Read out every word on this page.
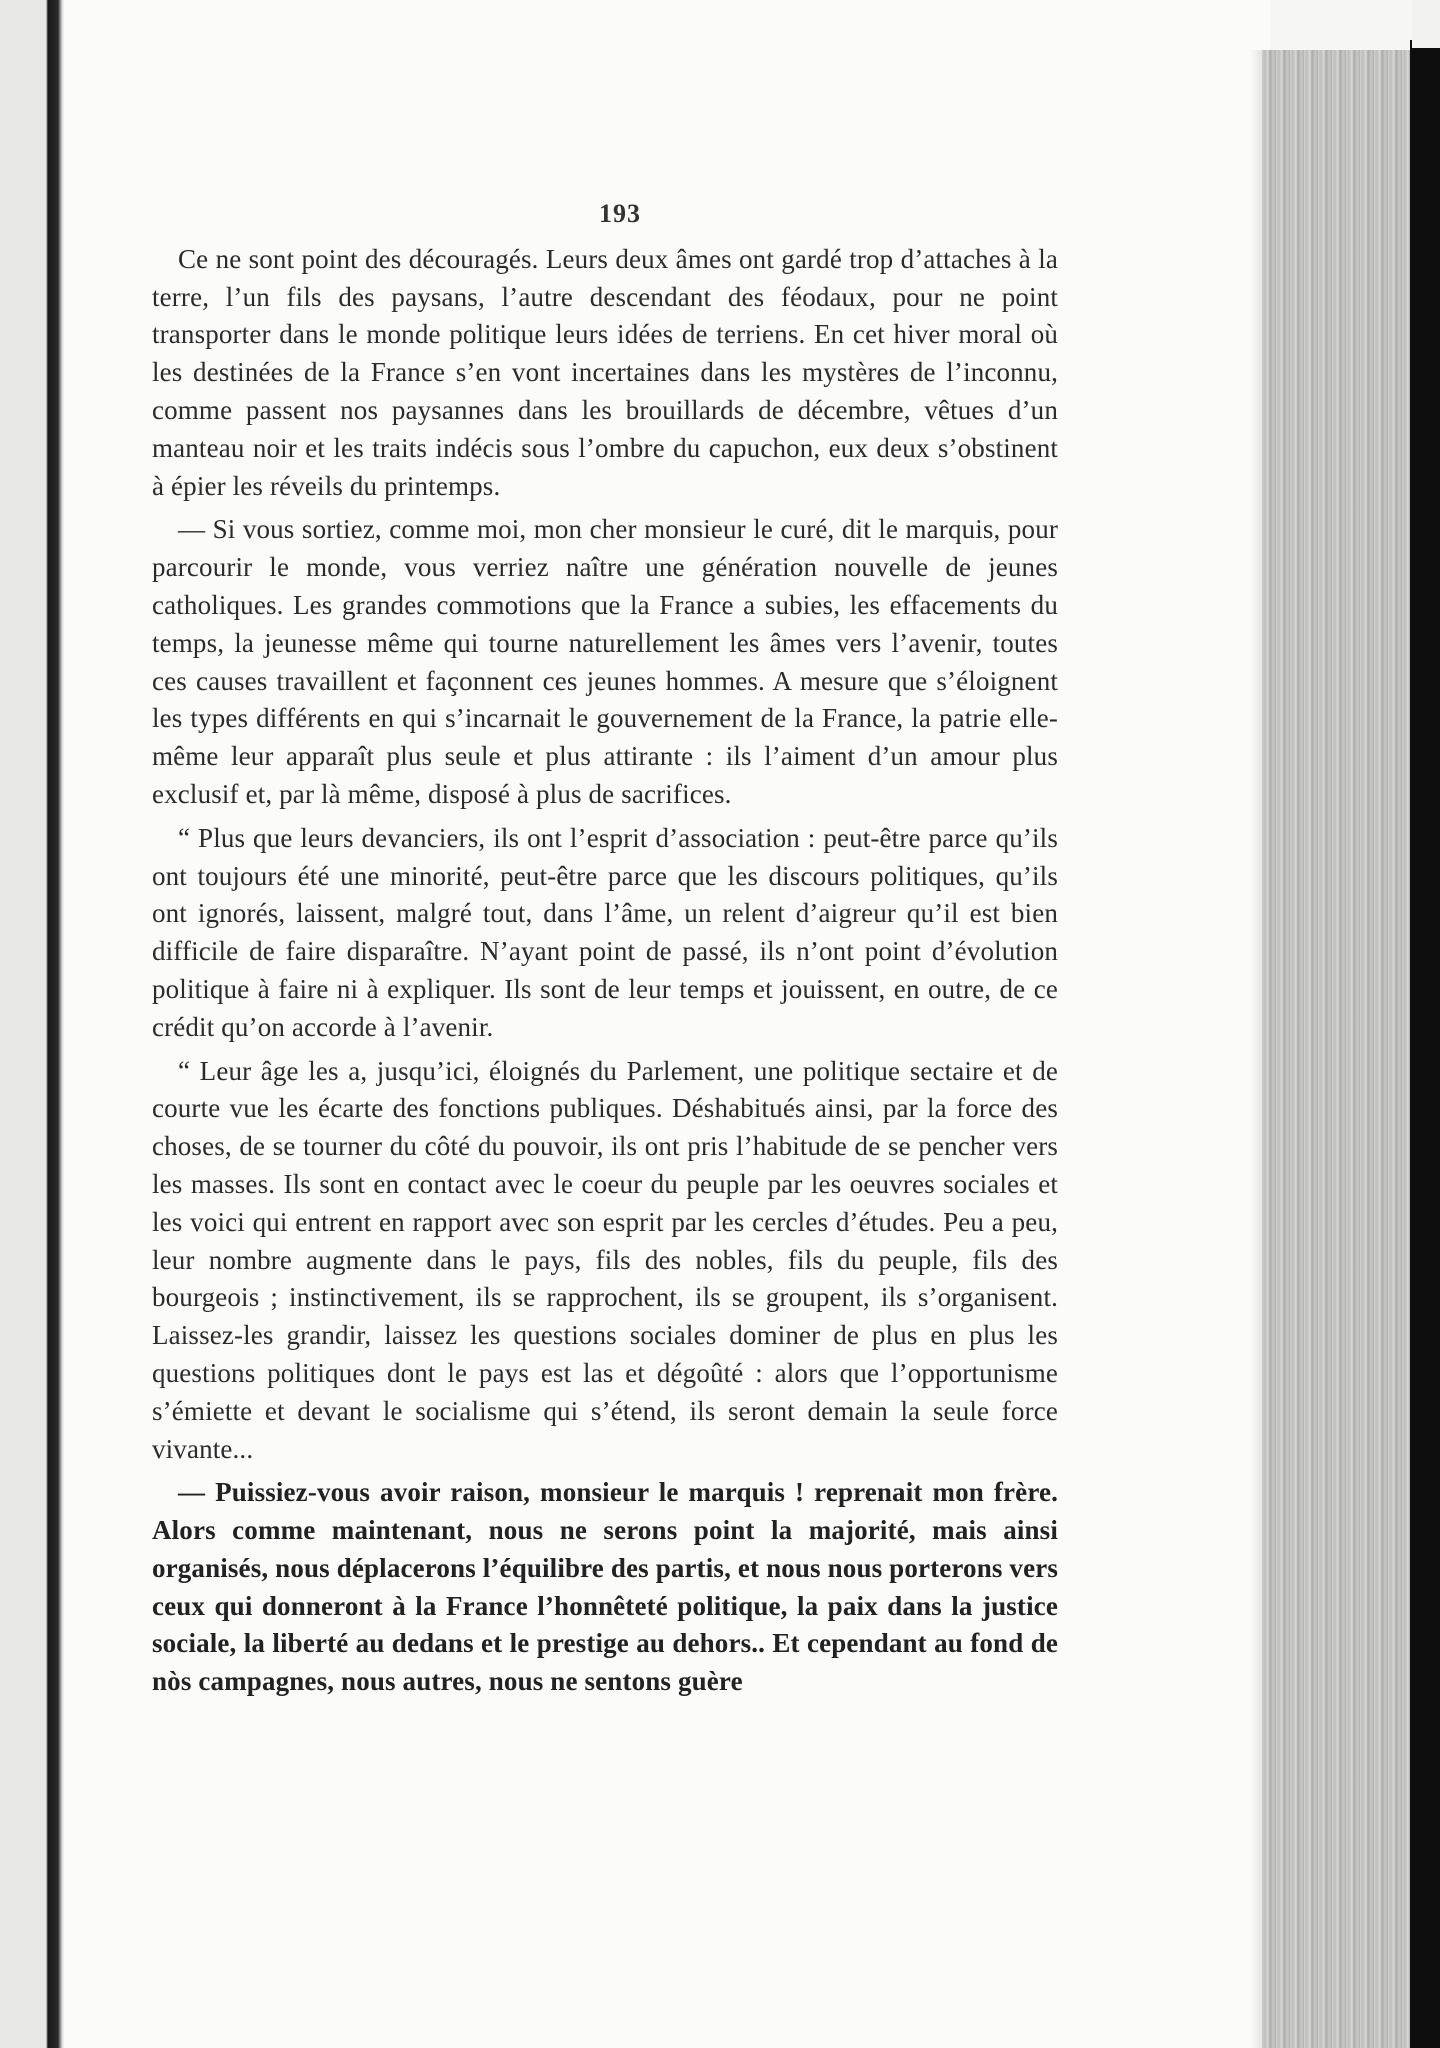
193

Ce ne sont point des découragés. Leurs deux âmes ont gardé trop d’attaches à la terre, l’un fils des paysans, l’autre descendant des féodaux, pour ne point transporter dans le monde politique leurs idées de terriens. En cet hiver moral où les destinées de la France s’en vont incertaines dans les mystères de l’inconnu, comme passent nos paysannes dans les brouillards de décembre, vêtues d’un manteau noir et les traits indécis sous l’ombre du capuchon, eux deux s’obstinent à épier les réveils du printemps.

— Si vous sortiez, comme moi, mon cher monsieur le curé, dit le marquis, pour parcourir le monde, vous verriez naître une génération nouvelle de jeunes catholiques. Les grandes commotions que la France a subies, les effacements du temps, la jeunesse même qui tourne naturellement les âmes vers l’avenir, toutes ces causes travaillent et façonnent ces jeunes hommes. A mesure que s’éloignent les types différents en qui s’incarnait le gouvernement de la France, la patrie elle-même leur apparaît plus seule et plus attirante : ils l’aiment d’un amour plus exclusif et, par là même, disposé à plus de sacrifices.

“ Plus que leurs devanciers, ils ont l’esprit d’association : peut-être parce qu’ils ont toujours été une minorité, peut-être parce que les discours politiques, qu’ils ont ignorés, laissent, malgré tout, dans l’âme, un relent d’aigreur qu’il est bien difficile de faire disparaître. N’ayant point de passé, ils n’ont point d’évolution politique à faire ni à expliquer. Ils sont de leur temps et jouissent, en outre, de ce crédit qu’on accorde à l’avenir.

“ Leur âge les a, jusqu’ici, éloignés du Parlement, une politique sectaire et de courte vue les écarte des fonctions publiques. Déshabitués ainsi, par la force des choses, de se tourner du côté du pouvoir, ils ont pris l’habitude de se pencher vers les masses. Ils sont en contact avec le coeur du peuple par les oeuvres sociales et les voici qui entrent en rapport avec son esprit par les cercles d’études. Peu a peu, leur nombre augmente dans le pays, fils des nobles, fils du peuple, fils des bourgeois ; instinctivement, ils se rapprochent, ils se groupent, ils s’organisent. Laissez-les grandir, laissez les questions sociales dominer de plus en plus les questions politiques dont le pays est las et dégoûté : alors que l’opportunisme s’émiette et devant le socialisme qui s’étend, ils seront demain la seule force vivante...

— Puissiez-vous avoir raison, monsieur le marquis ! reprenait mon frère. Alors comme maintenant, nous ne serons point la majorité, mais ainsi organisés, nous déplacerons l’équilibre des partis, et nous nous porterons vers ceux qui donneront à la France l’honnêteté politique, la paix dans la justice sociale, la liberté au dedans et le prestige au dehors.. Et cependant au fond de nòs campagnes, nous autres, nous ne sentons guère
